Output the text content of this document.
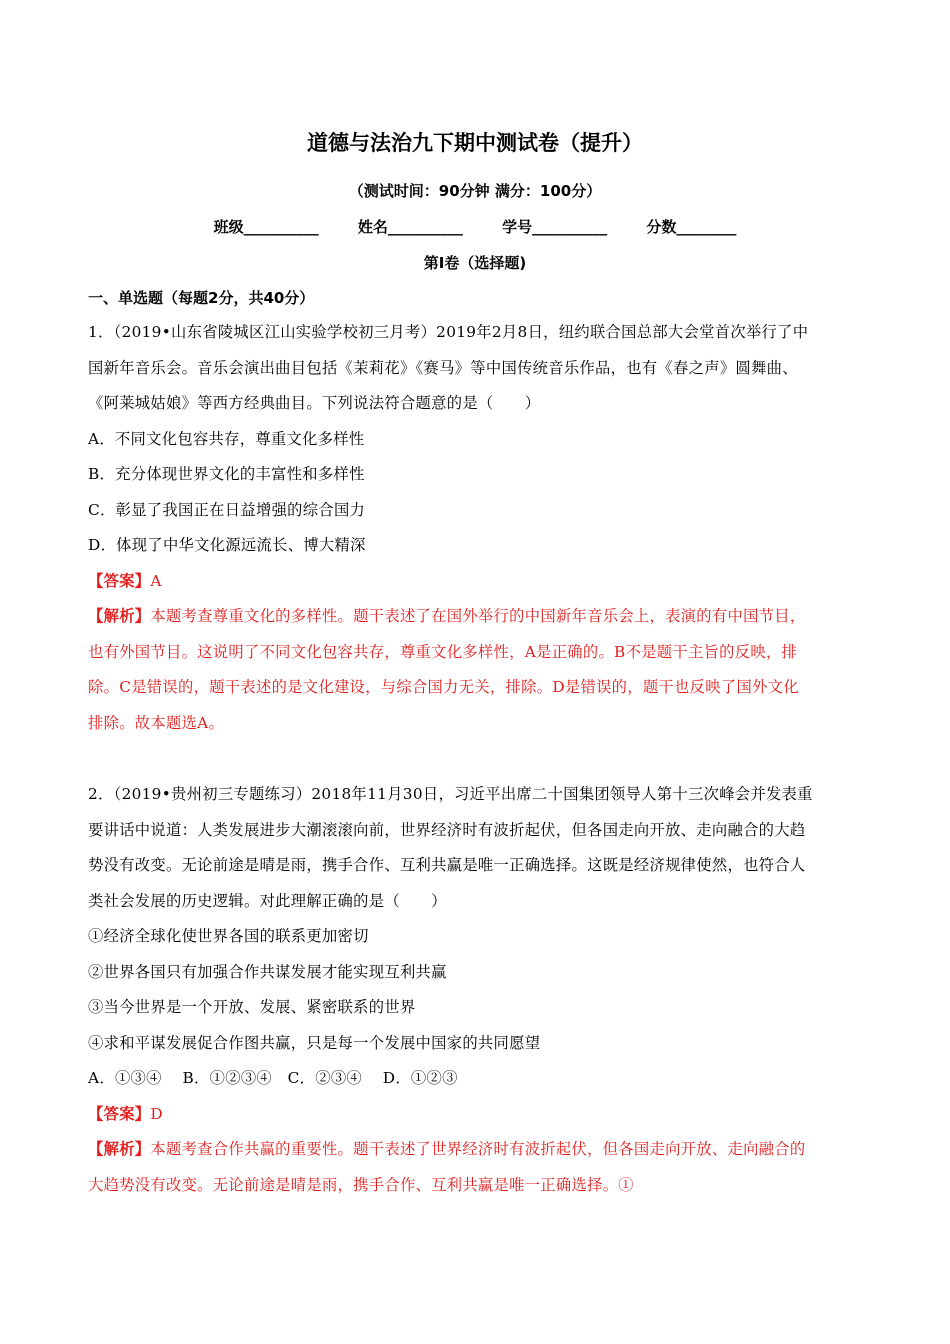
道德与法治九下期中测试卷（提升）
（测试时间：90分钟 满分：100分）
班级__________	姓名__________	学号__________	分数________
第I卷（选择题)
一、单选题（每题2分，共40分）
1．（2019•山东省陵城区江山实验学校初三月考）2019年2月8日，纽约联合国总部大会堂首次举行了中
国新年音乐会。音乐会演出曲目包括《茉莉花》《赛马》等中国传统音乐作品，也有《春之声》圆舞曲、
《阿莱城姑娘》等西方经典曲目。下列说法符合题意的是（　　）
A．不同文化包容共存，尊重文化多样性
B．充分体现世界文化的丰富性和多样性
C．彰显了我国正在日益增强的综合国力
D．体现了中华文化源远流长、博大精深
【答案】A
【解析】本题考查尊重文化的多样性。题干表述了在国外举行的中国新年音乐会上，表演的有中国节目，
也有外国节目。这说明了不同文化包容共存，尊重文化多样性，A是正确的。B不是题干主旨的反映，排
除。C是错误的，题干表述的是文化建设，与综合国力无关，排除。D是错误的，题干也反映了国外文化
排除。故本题选A。
2．（2019•贵州初三专题练习）2018年11月30日，习近平出席二十国集团领导人第十三次峰会并发表重
要讲话中说道：人类发展进步大潮滚滚向前，世界经济时有波折起伏，但各国走向开放、走向融合的大趋
势没有改变。无论前途是晴是雨，携手合作、互利共赢是唯一正确选择。这既是经济规律使然，也符合人
类社会发展的历史逻辑。对此理解正确的是（　　）
①经济全球化使世界各国的联系更加密切
②世界各国只有加强合作共谋发展才能实现互利共赢
③当今世界是一个开放、发展、紧密联系的世界
④求和平谋发展促合作图共赢，只是每一个发展中国家的共同愿望
A．①③④　 B．①②③④　C．②③④　 D．①②③
【答案】D
【解析】本题考查合作共赢的重要性。题干表述了世界经济时有波折起伏，但各国走向开放、走向融合的
大趋势没有改变。无论前途是晴是雨，携手合作、互利共赢是唯一正确选择。①
